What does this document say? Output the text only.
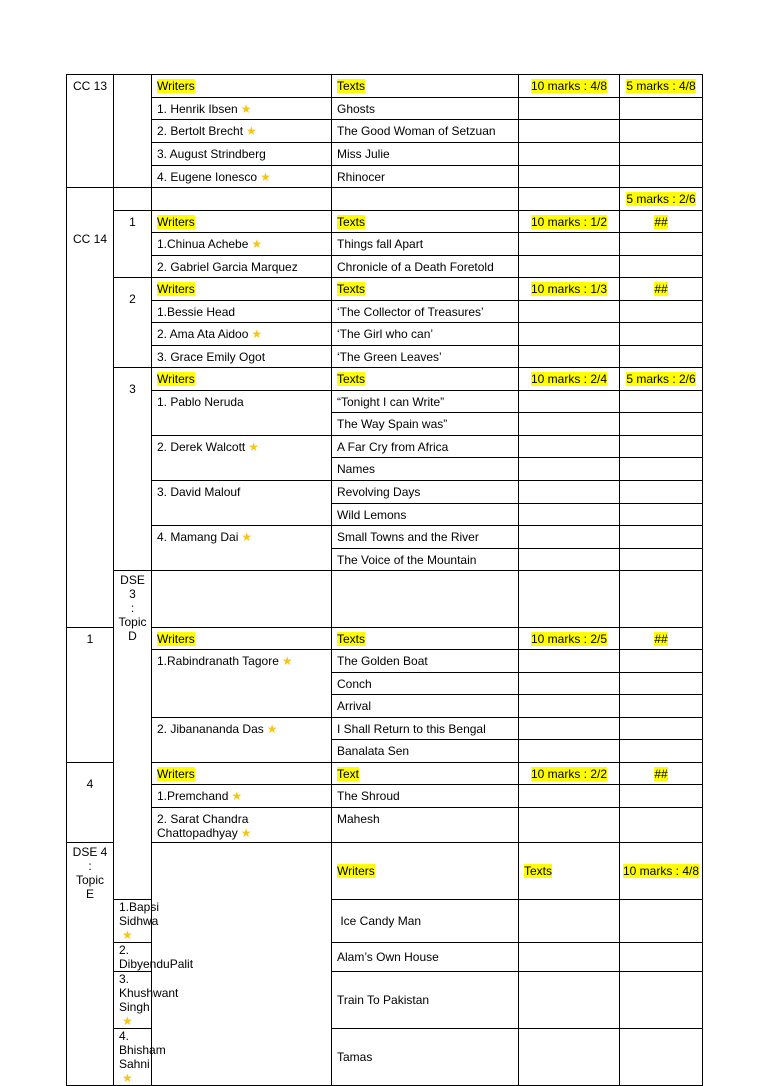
CC 13		Writers	Texts	10 marks : 4/8	5 marks : 4/8	
		1. Henrik Ibsen ★	Ghosts			
		2. Bertolt Brecht ★	The Good Woman of Setzuan			
		3. August Strindberg	Miss Julie			
		4. Eugene Ionesco ★	Rhinocer			
CC 14					5 marks : 2/6	
	1	Writers	Texts	10 marks : 1/2	##	
		1.Chinua Achebe ★	Things fall Apart			
		2. Gabriel Garcia Marquez	Chronicle of a Death Foretold			
	2	Writers	Texts	10 marks : 1/3	##	
		1.Bessie Head	‘The Collector of Treasures’			
		2. Ama Ata Aidoo ★	‘The Girl who can’			
		3. Grace Emily Ogot	‘The Green Leaves’			
	3	Writers	Texts	10 marks : 2/4	5 marks : 2/6	
		1. Pablo Neruda	“Tonight I can Write”			
			The Way Spain was”			
		2. Derek Walcott ★	A Far Cry from Africa			
			Names			
		3. David Malouf	Revolving Days			
			Wild Lemons			
		4. Mamang Dai ★	Small Towns and the River			
			The Voice of the Mountain			

	DSE 3
:
Topic
D

1		Writers	Texts	10 marks : 2/5	##	
		1.Rabindranath Tagore ★	The Golden Boat			
			Conch			
			Arrival			
		2. Jibanananda Das ★	I Shall Return to this Bengal			
			Banalata Sen			
4		Writers	Text	10 marks : 2/2	##	
		1.Premchand ★	The Shroud			

		2. Sarat Chandra
Chattopadhyay ★	Mahesh			

DSE 4
:
Topic
E			Writers	Texts	10 marks : 4/8	
	1.Bapsi Sidhwa★		Ice Candy Man			
	2. DibyenduPalit		Alam’s Own House			
	3. Khushwant Singh★		Train To Pakistan			
	4. Bhisham Sahni★		Tamas			
